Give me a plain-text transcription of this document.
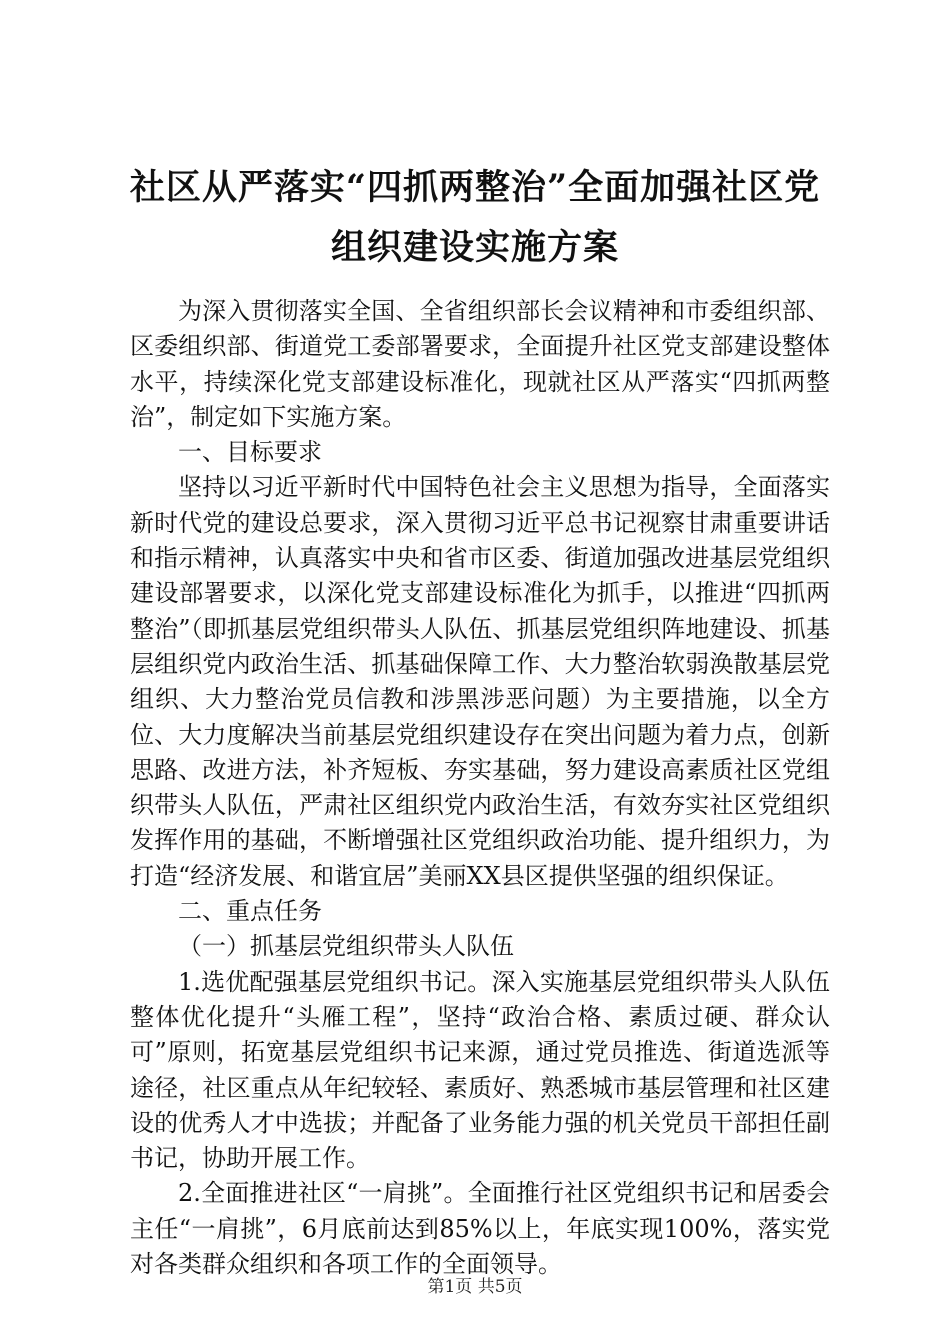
社区从严落实“四抓两整治”全面加强社区党
组织建设实施方案

为深入贯彻落实全国、全省组织部长会议精神和市委组织部、区委组织部、街道党工委部署要求，全面提升社区党支部建设整体水平，持续深化党支部建设标准化，现就社区从严落实“四抓两整治”，制定如下实施方案。

一、目标要求

坚持以习近平新时代中国特色社会主义思想为指导，全面落实新时代党的建设总要求，深入贯彻习近平总书记视察甘肃重要讲话和指示精神，认真落实中央和省市区委、街道加强改进基层党组织建设部署要求，以深化党支部建设标准化为抓手，以推进“四抓两整治”（即抓基层党组织带头人队伍、抓基层党组织阵地建设、抓基层组织党内政治生活、抓基础保障工作、大力整治软弱涣散基层党组织、大力整治党员信教和涉黑涉恶问题）为主要措施，以全方位、大力度解决当前基层党组织建设存在突出问题为着力点，创新思路、改进方法，补齐短板、夯实基础，努力建设高素质社区党组织带头人队伍，严肃社区组织党内政治生活，有效夯实社区党组织发挥作用的基础，不断增强社区党组织政治功能、提升组织力，为打造“经济发展、和谐宜居”美丽XX县区提供坚强的组织保证。

二、重点任务

（一）抓基层党组织带头人队伍

1.选优配强基层党组织书记。深入实施基层党组织带头人队伍整体优化提升“头雁工程”，坚持“政治合格、素质过硬、群众认可”原则，拓宽基层党组织书记来源，通过党员推选、街道选派等途径，社区重点从年纪较轻、素质好、熟悉城市基层管理和社区建设的优秀人才中选拔；并配备了业务能力强的机关党员干部担任副书记，协助开展工作。

2.全面推进社区“一肩挑”。全面推行社区党组织书记和居委会主任“一肩挑”，6月底前达到85%以上，年底实现100%，落实党对各类群众组织和各项工作的全面领导。

第1页 共5页
